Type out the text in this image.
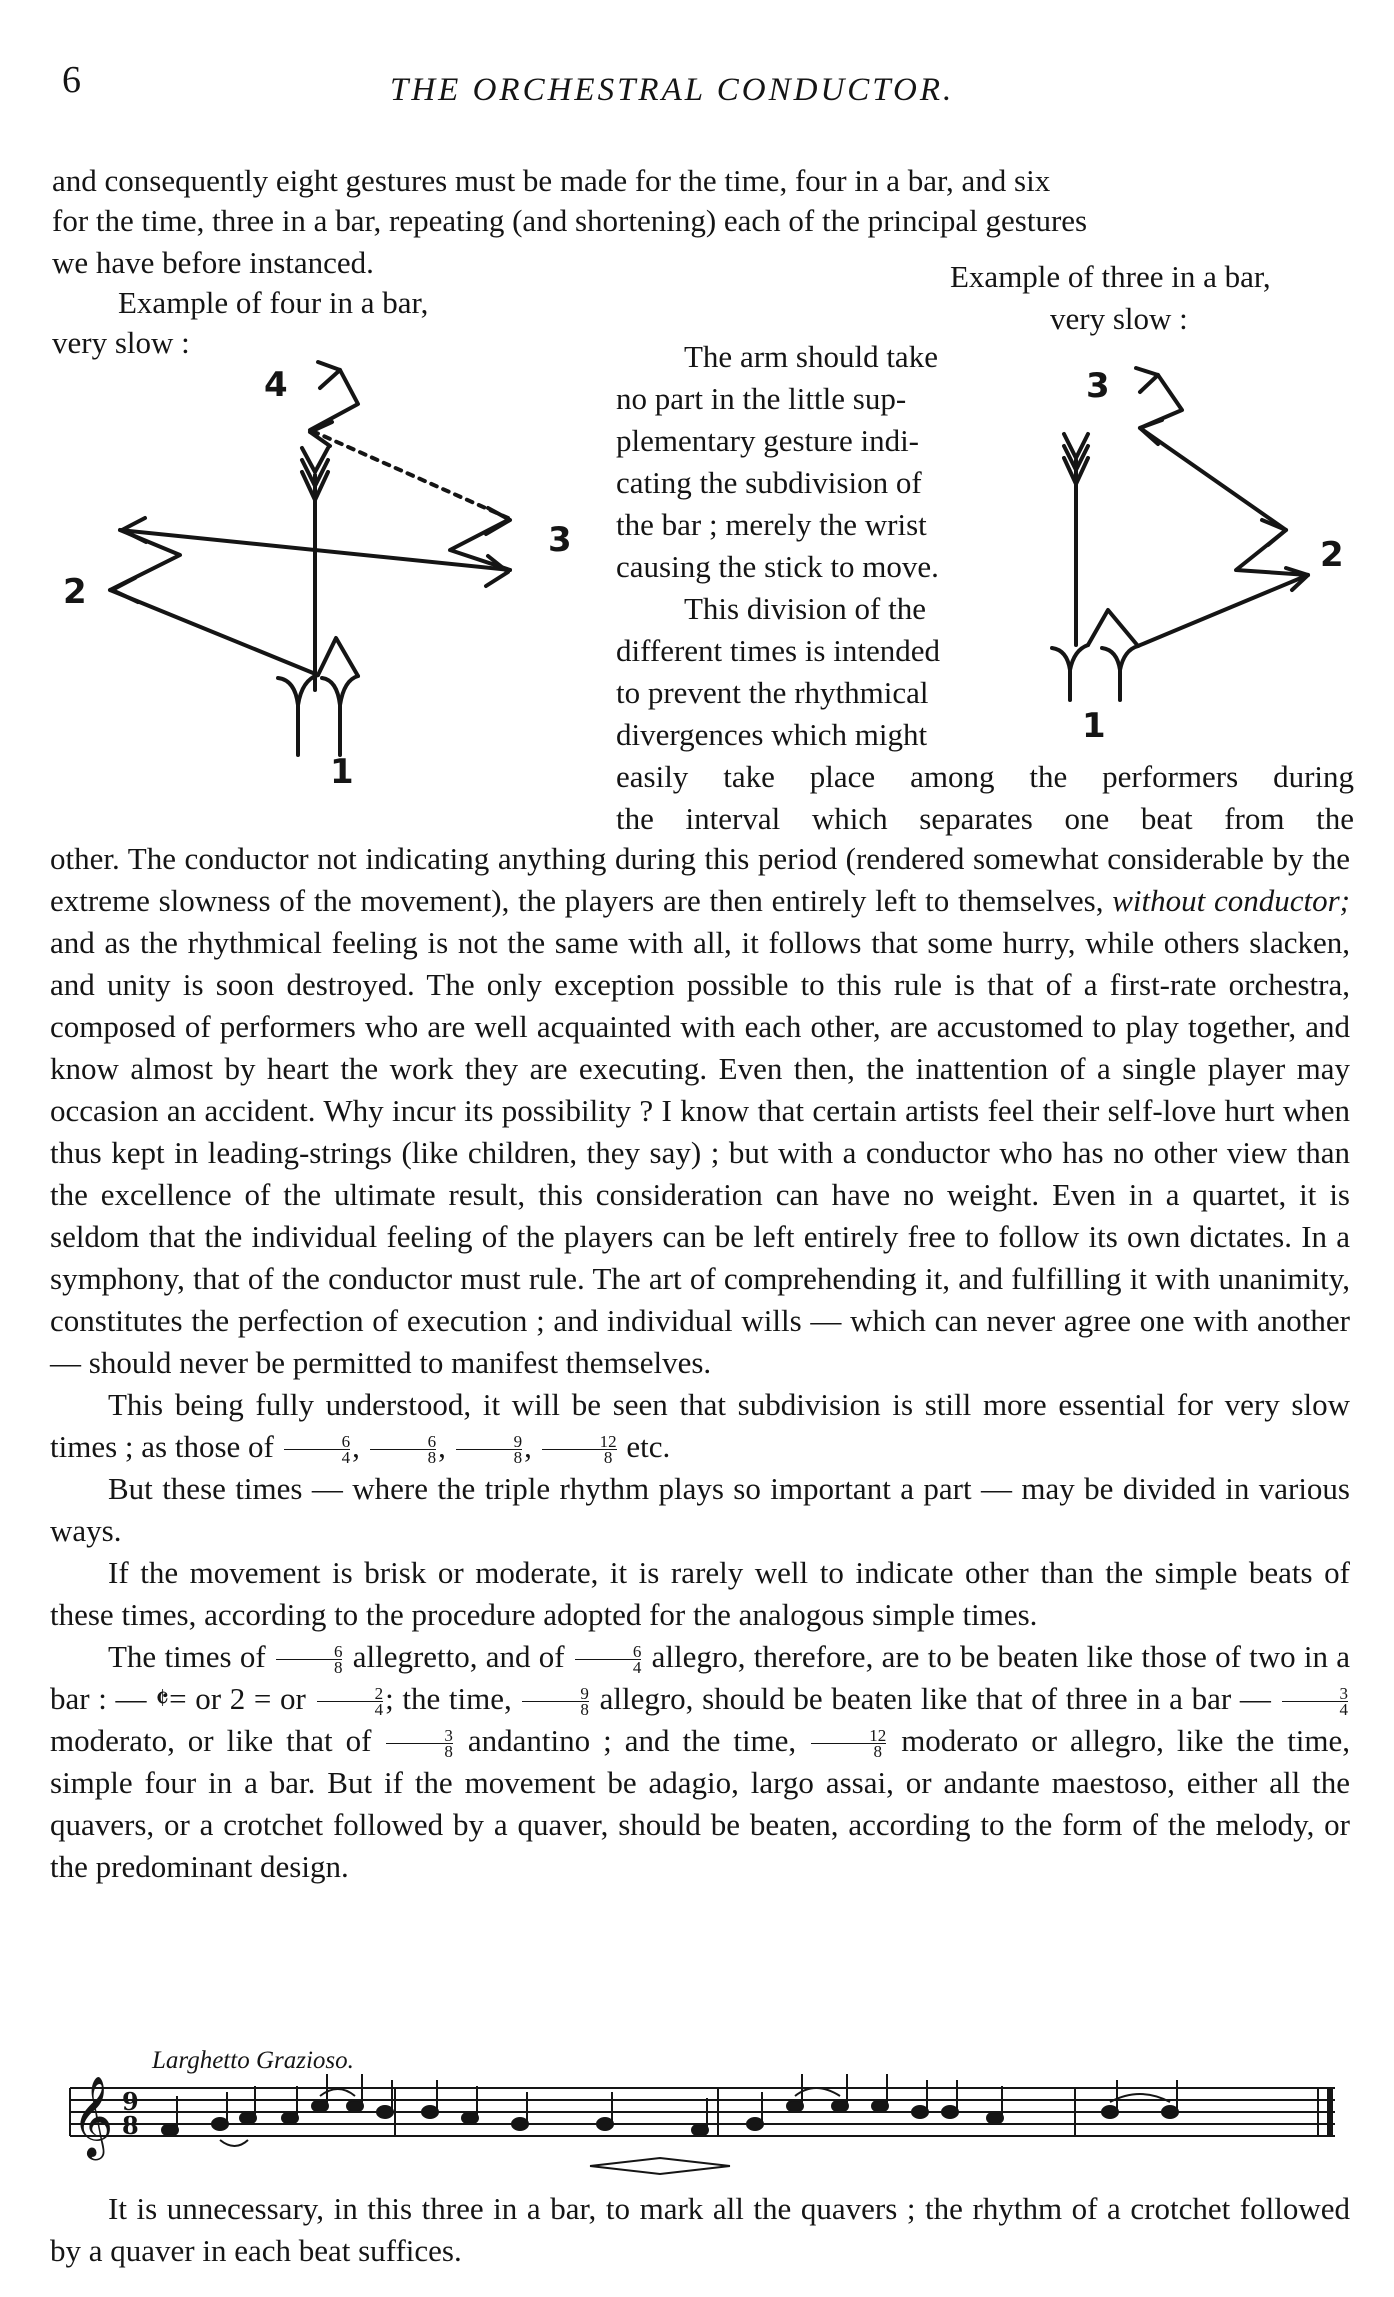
6	THE ORCHESTRAL CONDUCTOR.
and consequently eight gestures must be made for the time, four in a bar, and six
for the time, three in a bar, repeating (and shortening) each of the principal gestures
we have before instanced.
Example of four in a bar,
very slow :
Example of three in a bar,
very slow :
4
2
3
1
The arm should take
no part in the little sup-
plementary gesture indi-
cating the subdivision of
the bar ; merely the wrist
causing the stick to move.
This division of the
different times is intended
to prevent the rhythmical
divergences which might
3
2
1
easily take place among the performers during
the interval which separates one beat from the

other. The conductor not indicating anything during this period (rendered somewhat considerable by the extreme slowness of the movement), the players are then entirely left to themselves, without conductor; and as the rhythmical feeling is not the same with all, it follows that some hurry, while others slacken, and unity is soon destroyed. The only exception possible to this rule is that of a first-rate orchestra, composed of performers who are well acquainted with each other, are accustomed to play together, and know almost by heart the work they are executing. Even then, the inattention of a single player may occasion an accident. Why incur its possibility ? I know that certain artists feel their self-love hurt when thus kept in leading-strings (like children, they say) ; but with a conductor who has no other view than the excellence of the ultimate result, this consideration can have no weight. Even in a quartet, it is seldom that the individual feeling of the players can be left entirely free to follow its own dictates. In a symphony, that of the conductor must rule. The art of comprehending it, and fulfilling it with unanimity, constitutes the perfection of execution ; and individual wills — which can never agree one with another — should never be permitted to manifest themselves.

This being fully understood, it will be seen that subdivision is still more essential for very slow times ; as those of $\frac{6}{4}$ , $\frac{6}{8}$ , $\frac{9}{8}$ , $\frac{12}{8}$ etc.

But these times — where the triple rhythm plays so important a part — may be divided in various ways.

If the movement is brisk or moderate, it is rarely well to indicate other than the simple beats of these times, according to the procedure adopted for the analogous simple times.

The times of $\frac{6}{8}$ allegretto, and of $\frac{6}{4}$ allegro, therefore, are to be beaten like those of two in a bar : — 𝄵= or 2 = or $\frac{2}{4}$ ; the time, $\frac{9}{8}$ allegro, should be beaten like that of three in a bar — $\frac{3}{4}$
moderato, or like that of $\frac{3}{8}$ andantino ; and the time, $\frac{12}{8}$ moderato or allegro, like the time, simple four in a bar. But if the movement be adagio, largo assai, or andante maestoso, either all the quavers, or a crotchet followed by a quaver, should be beaten, according to the form of the melody, or the predominant design.

Larghetto Grazioso.
𝄞 9
8

It is unnecessary, in this three in a bar, to mark all the quavers ; the rhythm of a crotchet followed by a quaver in each beat suffices.
